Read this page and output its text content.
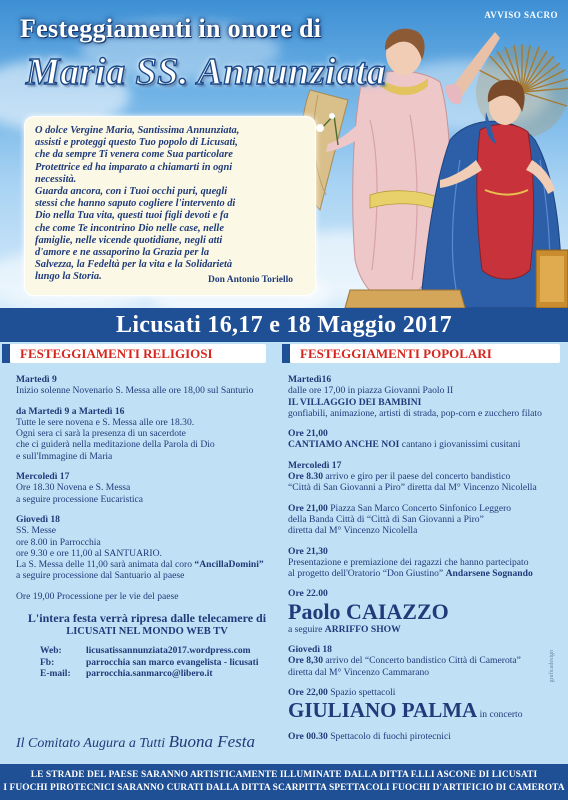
AVVISO SACRO
Festeggiamenti in onore di
Maria SS. Annunziata
O dolce Vergine Maria, Santissima Annunziata,
assisti e proteggi questo Tuo popolo di Licusati,
che da sempre Ti venera come Sua particolare
Protettrice ed ha imparato a chiamarti in ogni
necessità.
Guarda ancora, con i Tuoi occhi puri, quegli
stessi che hanno saputo cogliere l'intervento di
Dio nella Tua vita, questi tuoi figli devoti e fa
che come Te incontrino Dio nelle case, nelle
famiglie, nelle vicende quotidiane, negli atti
d'amore e ne assaporino la Grazia per la
Salvezza, la Fedeltà per la vita e la Solidarietà
lungo la Storia.	Don Antonio Toriello
Licusati 16,17 e 18 Maggio 2017
FESTEGGIAMENTI RELIGIOSI	FESTEGGIAMENTI POPOLARI
Martedì 9
Inizio solenne Novenario S. Messa alle ore 18,00 sul Santurio
da Martedì 9 a Martedì 16
Tutte le sere novena e S. Messa alle ore 18.30.
Ogni sera ci sarà la presenza di un sacerdote
che ci guiderà nella meditazione della Parola di Dio
e sull'Immagine di Maria
Mercoledì 17
Ore 18.30 Novena e S. Messa
a seguire processione Eucaristica
Giovedì 18
SS. Messe
ore 8.00 in Parrocchia
ore 9.30 e ore 11,00 al SANTUARIO.
La S. Messa delle 11,00 sarà animata dal coro “AncillaDomini”
a seguire processione dal Santuario al paese
Ore 19,00 Processione per le vie del paese
L'intera festa verrà ripresa dalle telecamere di
LICUSATI NEL MONDO WEB TV
Web:	licusatissannunziata2017.wordpress.com
Fb:	parrocchia san marco evangelista - licusati
E-mail:	parrocchia.sanmarco@libero.it
Il Comitato Augura a Tutti Buona Festa
Martedì16
dalle ore 17,00 in piazza Giovanni Paolo II
IL VILLAGGIO DEI BAMBINI
gonfiabili, animazione, artisti di strada, pop-corn e zucchero filato
Ore 21,00
CANTIAMO ANCHE NOI cantano i giovanissimi cusitani
Mercoledì 17
Ore 8.30 arrivo e giro per il paese del concerto bandistico
“Città di San Giovanni a Piro” diretta dal M° Vincenzo Nicolella
Ore 21,00 Piazza San Marco Concerto Sinfonico Leggero
della Banda Città di “Città di San Giovanni a Piro”
diretta dal M° Vincenzo Nicolella
Ore 21,30
Presentazione e premiazione dei ragazzi che hanno partecipato
al progetto dell'Oratorio “Don Giustino” Andarsene Sognando
Ore 22.00
Paolo CAIAZZO
a seguire ARRIFFO SHOW
Giovedì 18
Ore 8,30 arrivo del “Concerto bandistico Città di Camerota”
diretta dal M° Vincenzo Cammarano
Ore 22,00 Spazio spettacoli
GIULIANO PALMA in concerto
Ore 00.30 Spettacolo di fuochi pirotecnici
graficadesign
LE STRADE DEL PAESE SARANNO ARTISTICAMENTE ILLUMINATE DALLA DITTA F.LLI ASCONE DI LICUSATI
I FUOCHI PIROTECNICI SARANNO CURATI DALLA DITTA SCARPITTA SPETTACOLI FUOCHI D'ARTIFICIO DI CAMEROTA
